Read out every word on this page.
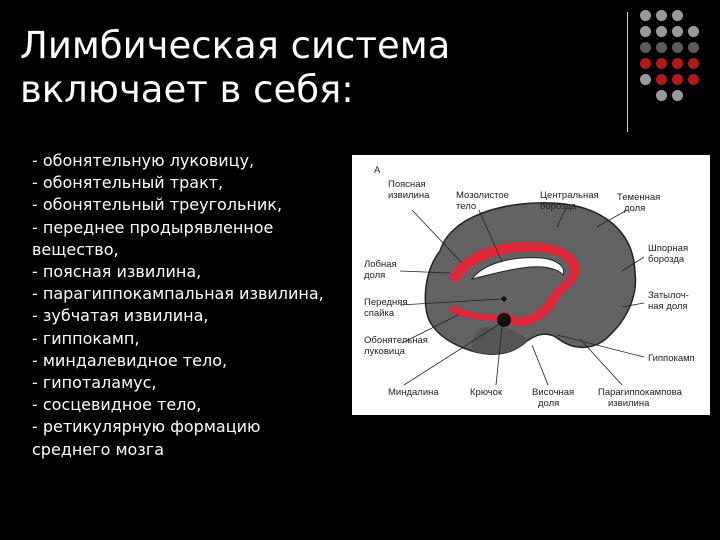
Лимбическая система
включает в себя:
- обонятельную луковицу,
- обонятельный тракт,
- обонятельный треугольник,
- переднее продырявленное
вещество,
- поясная извилина,
- парагиппокампальная извилина,
- зубчатая извилина,
- гиппокамп,
- миндалевидное тело,
- гипоталамус,
- сосцевидное тело,
- ретикулярную формацию
среднего мозга
А
Поясная
извилина	Мозолистое
тело
Центральная
борозда
Теменная
доля
Лобная
доля
Шпорная
борозда
Передняя
спайка
Затылоч-
ная доля
Обонятельная
луковица
Гиппокамп
Миндалина	Крючок	Височная
доля
Парагиппокампова
извилина
